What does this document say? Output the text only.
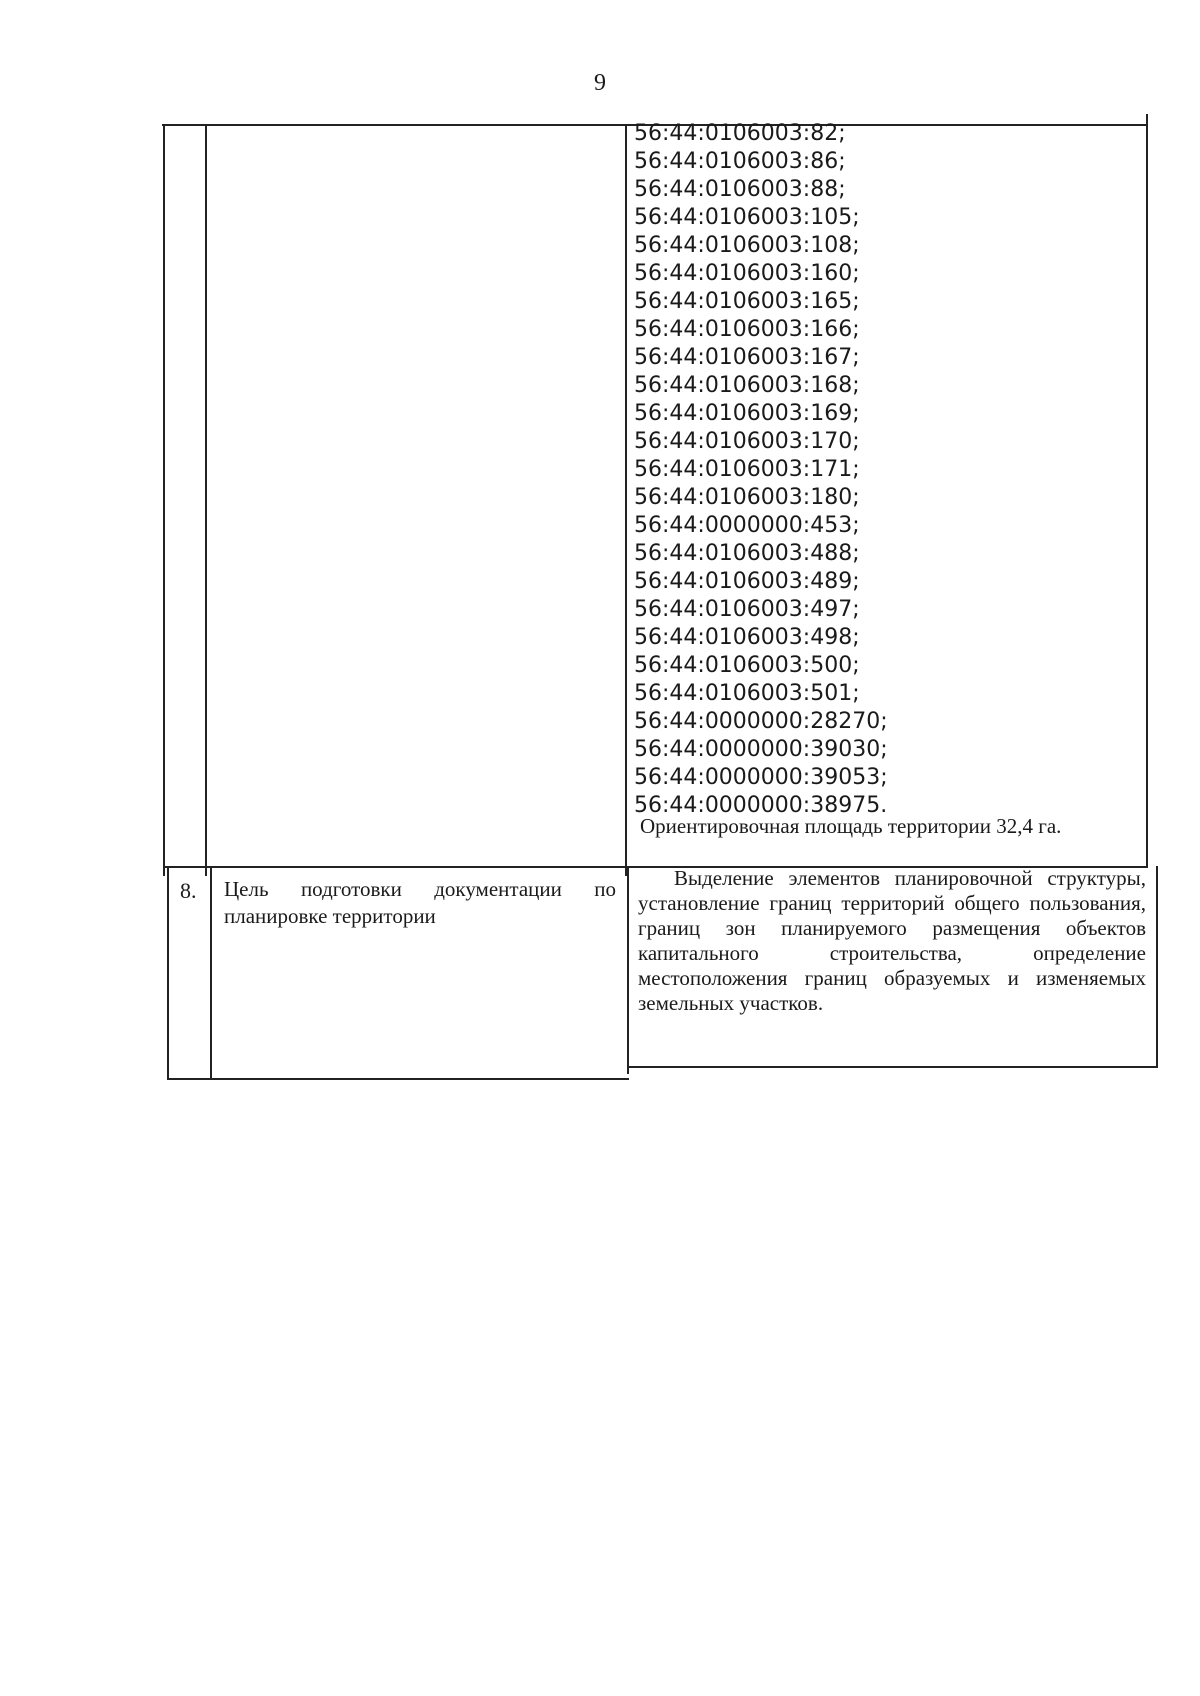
9
56:44:0106003:82;
56:44:0106003:86;
56:44:0106003:88;
56:44:0106003:105;
56:44:0106003:108;
56:44:0106003:160;
56:44:0106003:165;
56:44:0106003:166;
56:44:0106003:167;
56:44:0106003:168;
56:44:0106003:169;
56:44:0106003:170;
56:44:0106003:171;
56:44:0106003:180;
56:44:0000000:453;
56:44:0106003:488;
56:44:0106003:489;
56:44:0106003:497;
56:44:0106003:498;
56:44:0106003:500;
56:44:0106003:501;
56:44:0000000:28270;
56:44:0000000:39030;
56:44:0000000:39053;
56:44:0000000:38975.
Ориентировочная площадь территории 32,4 га.
8. Цель подготовки документации по планировке территории
Выделение элементов планировочной структуры, установление границ территорий общего пользования, границ зон планируемого размещения объектов капитального строительства, определение местоположения границ образуемых и изменяемых земельных участков.
